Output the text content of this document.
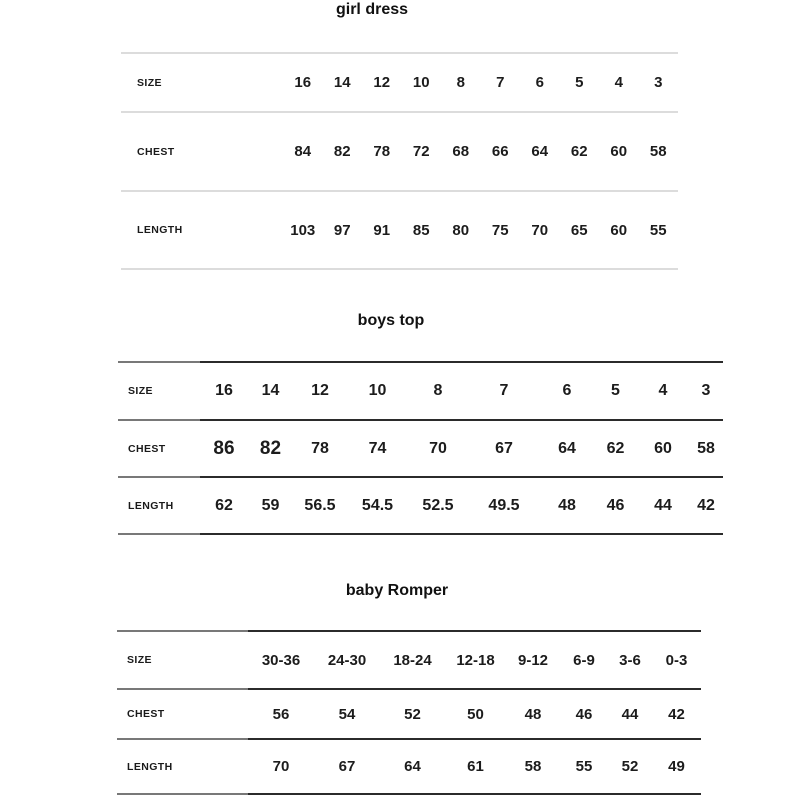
girl dress
SIZE	16	14	12	10	8	7	6	5	4	3
CHEST	84	82	78	72	68	66	64	62	60	58
LENGTH	103	97	91	85	80	75	70	65	60	55
boys top
SIZE	16	14	12	10	8	7	6	5	4	3
CHEST	86	82	78	74	70	67	64	62	60	58
LENGTH	62	59	56.5	54.5	52.5	49.5	48	46	44	42
baby Romper
SIZE	30-36	24-30	18-24	12-18	9-12	6-9	3-6	0-3
CHEST	56	54	52	50	48	46	44	42
LENGTH	70	67	64	61	58	55	52	49
